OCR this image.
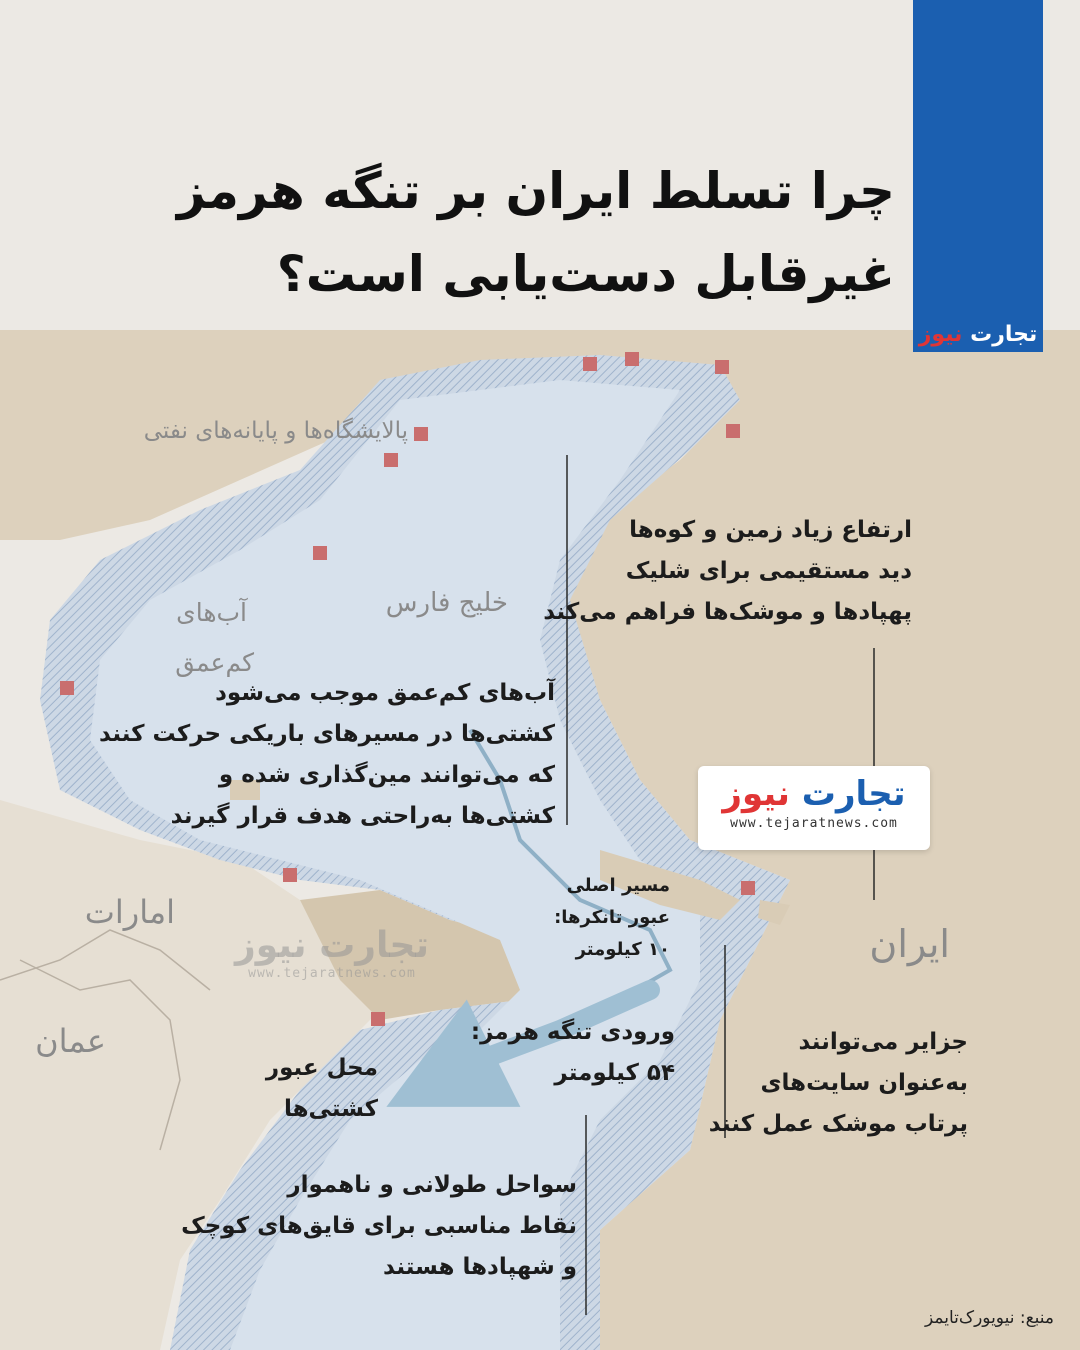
تجارت نیوز
چرا تسلط ایران بر تنگه هرمز
غیرقابل دست‌یابی است؟
پالایشگاه‌ها و پایانه‌های نفتی
خلیج فارس
آب‌های
کم‌عمق
امارات
عمان
ایران
ارتفاع زیاد زمین و کوه‌ها
دید مستقیمی برای شلیک
پهپادها و موشک‌ها فراهم می‌کند
آب‌های کم‌عمق موجب می‌شود
کشتی‌ها در مسیرهای باریکی حرکت کنند
که می‌توانند مین‌گذاری شده و
کشتی‌ها به‌راحتی هدف قرار گیرند
مسیر اصلی
عبور تانکرها:
۱۰ کیلومتر
ورودی تنگه هرمز:
۵۴ کیلومتر
محل عبور
کشتی‌ها
جزایر می‌توانند
به‌عنوان سایت‌های
پرتاب موشک عمل کنند
سواحل طولانی و ناهموار
نقاط مناسبی برای قایق‌های کوچک
و شهپادها هستند
تجارت نیوز
www.tejaratnews.com
تجارت نیوز
www.tejaratnews.com
منبع: نیویورک‌تایمز
